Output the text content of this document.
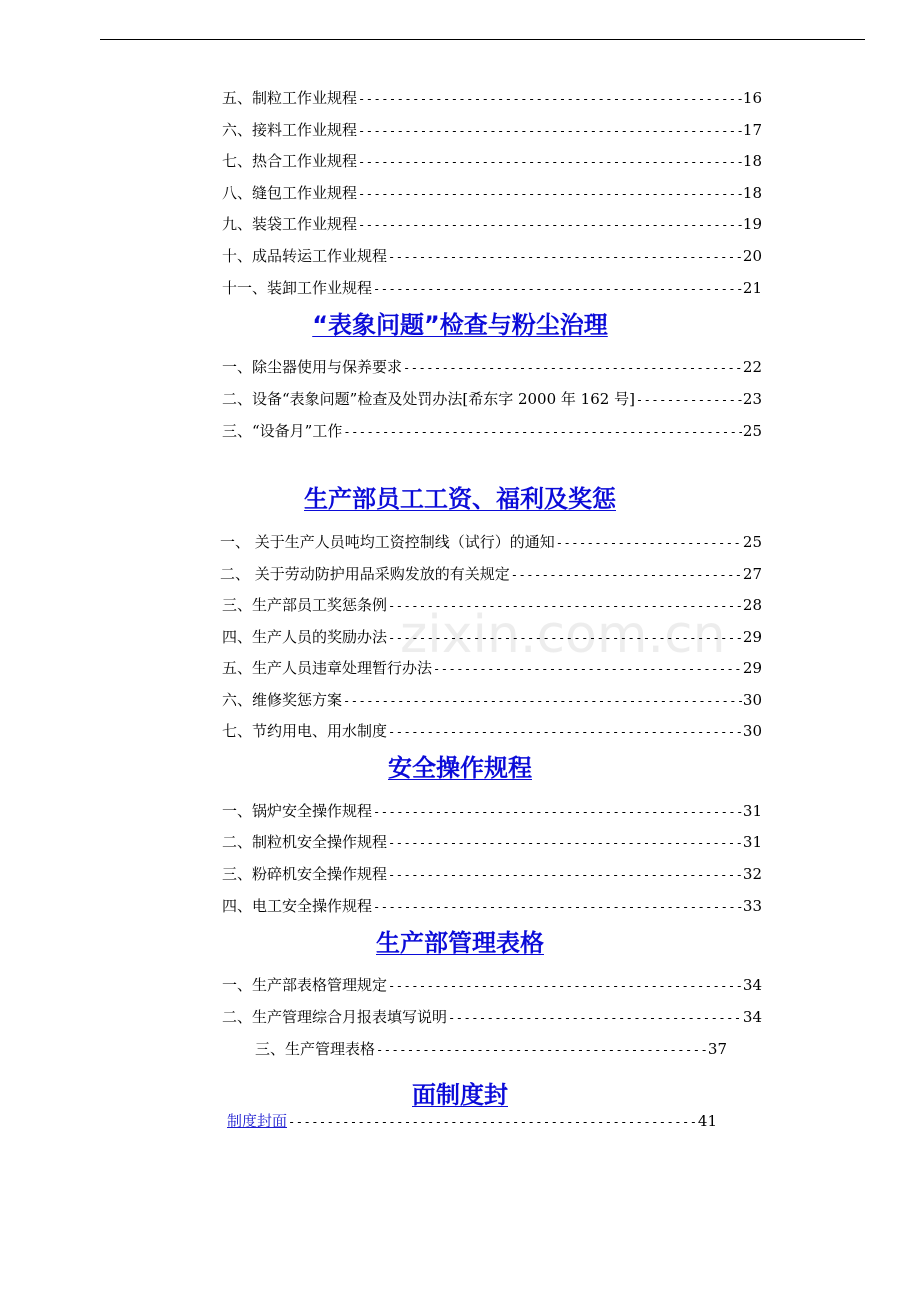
五、制粒工作业规程 -----	16
六、接料工作业规程 -----	17
七、热合工作业规程 -----	18
八、缝包工作业规程 -----	18
九、装袋工作业规程 -----	19
十、成品转运工作业规程 -----	20
十一、装卸工作业规程 -----	21
“表象问题”检查与粉尘治理
一、除尘器使用与保养要求 -----	22
二、设备“表象问题”检查及处罚办法[希东字 2000 年 162 号] -----	23
三、“设备月”工作 -----	25
生产部员工工资、福利及奖惩
一、 关于生产人员吨均工资控制线（试行）的通知 -----	25
二、 关于劳动防护用品采购发放的有关规定 -----	27
三、生产部员工奖惩条例 -----	28
四、生产人员的奖励办法 -----	29
五、生产人员违章处理暂行办法 -----	29
六、维修奖惩方案 -----	30
七、节约用电、用水制度 -----	30
安全操作规程
一、锅炉安全操作规程 -----	31
二、制粒机安全操作规程 -----	31
三、粉碎机安全操作规程 -----	32
四、电工安全操作规程 -----	33
生产部管理表格
一、生产部表格管理规定 -----	34
二、生产管理综合月报表填写说明 -----	34
三、生产管理表格 -----	37
面制度封
制度封面 -----	41
zixin.com.cn
